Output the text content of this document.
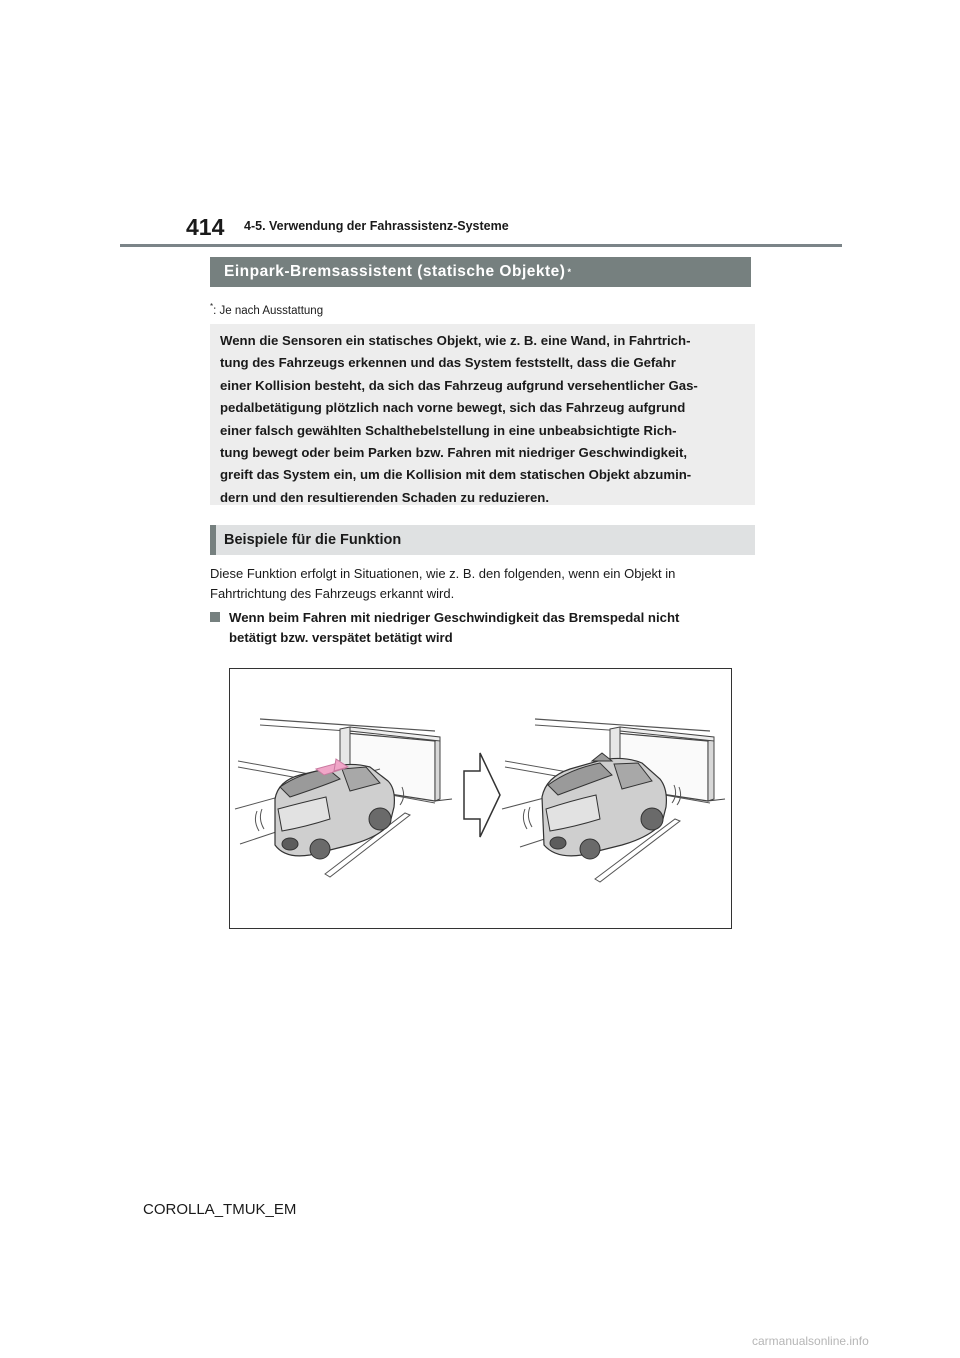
414 4-5. Verwendung der Fahrassistenz-Systeme
Einpark-Bremsassistent (statische Objekte) *
*: Je nach Ausstattung

Wenn die Sensoren ein statisches Objekt, wie z. B. eine Wand, in Fahrtrich-

tung des Fahrzeugs erkennen und das System feststellt, dass die Gefahr

einer Kollision besteht, da sich das Fahrzeug aufgrund versehentlicher Gas-

pedalbetätigung plötzlich nach vorne bewegt, sich das Fahrzeug aufgrund

einer falsch gewählten Schalthebelstellung in eine unbeabsichtigte Rich-

tung bewegt oder beim Parken bzw. Fahren mit niedriger Geschwindigkeit,

greift das System ein, um die Kollision mit dem statischen Objekt abzumin-

dern und den resultierenden Schaden zu reduzieren.

Beispiele für die Funktion
Diese Funktion erfolgt in Situationen, wie z. B. den folgenden, wenn ein Objekt in
Fahrtrichtung des Fahrzeugs erkannt wird.
Wenn beim Fahren mit niedriger Geschwindigkeit das Bremspedal nicht
betätigt bzw. verspätet betätigt wird
COROLLA_TMUK_EM
carmanualsonline.info
